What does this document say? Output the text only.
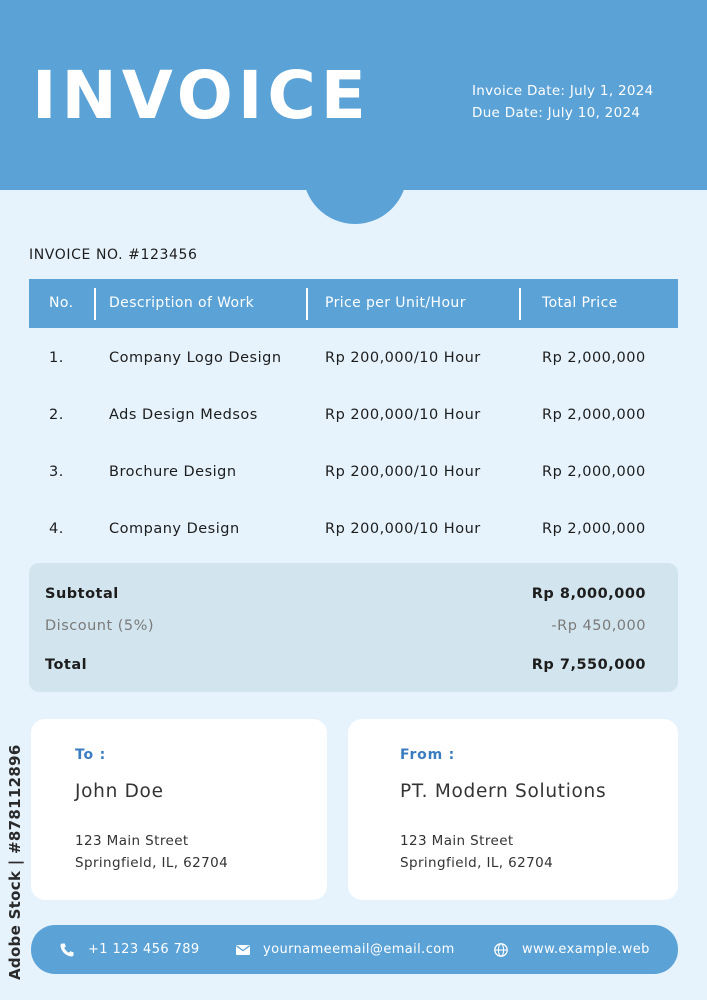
INVOICE	Invoice Date: July 1, 2024
Due Date: July 10, 2024
INVOICE NO. #123456
No.	Description of Work	Price per Unit/Hour	Total Price
1.	Company Logo Design	Rp 200,000/10 Hour	Rp 2,000,000
2.	Ads Design Medsos	Rp 200,000/10 Hour	Rp 2,000,000
3.	Brochure Design	Rp 200,000/10 Hour	Rp 2,000,000
4.	Company Design	Rp 200,000/10 Hour	Rp 2,000,000
Subtotal	Rp 8,000,000
Discount (5%)	-Rp 450,000
Total	Rp 7,550,000
To :
John Doe
123 Main Street
Springfield, IL, 62704
From :
PT. Modern Solutions
123 Main Street
Springfield, IL, 62704
+1 123 456 789	yournameemail@email.com	www.example.web
Adobe Stock | #878112896
